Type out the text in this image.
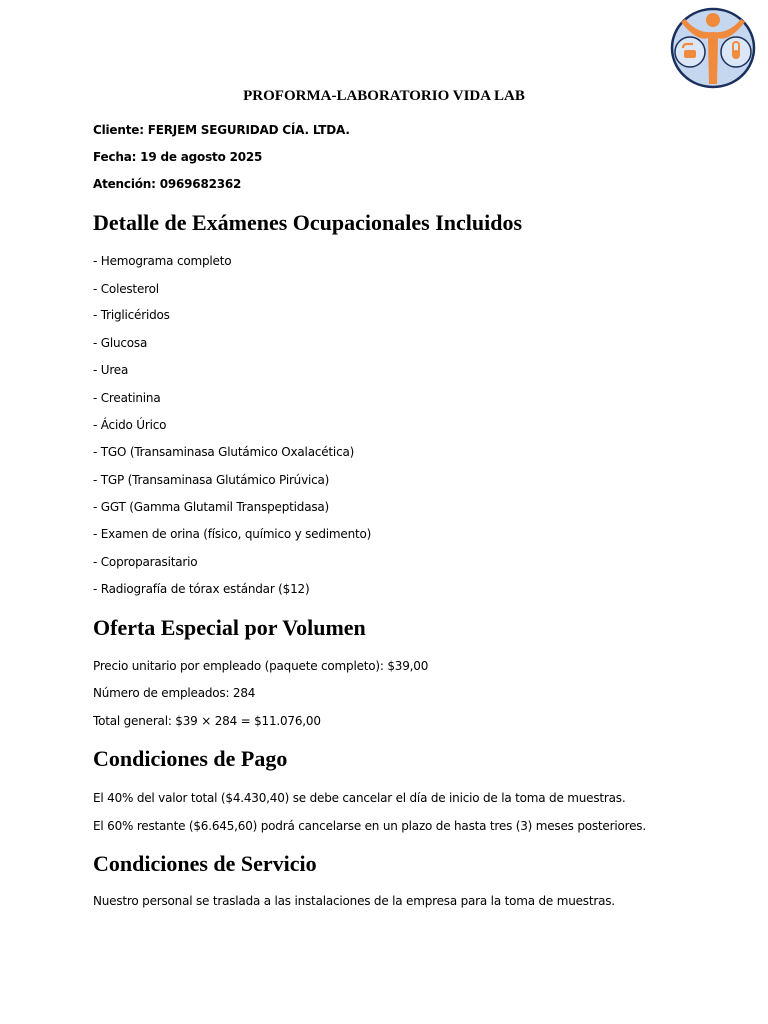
PROFORMA-LABORATORIO VIDA LAB
Cliente: FERJEM SEGURIDAD CÍA. LTDA.
Fecha: 19 de agosto 2025
Atención: 0969682362
Detalle de Exámenes Ocupacionales Incluidos
- Hemograma completo
- Colesterol
- Triglicéridos
- Glucosa
- Urea
- Creatinina
- Ácido Úrico
- TGO (Transaminasa Glutámico Oxalacética)
- TGP (Transaminasa Glutámico Pirúvica)
- GGT (Gamma Glutamil Transpeptidasa)
- Examen de orina (físico, químico y sedimento)
- Coproparasitario
- Radiografía de tórax estándar ($12)
Oferta Especial por Volumen
Precio unitario por empleado (paquete completo): $39,00
Número de empleados: 284
Total general: $39 × 284 = $11.076,00
Condiciones de Pago
El 40% del valor total ($4.430,40) se debe cancelar el día de inicio de la toma de muestras.
El 60% restante ($6.645,60) podrá cancelarse en un plazo de hasta tres (3) meses posteriores.
Condiciones de Servicio
Nuestro personal se traslada a las instalaciones de la empresa para la toma de muestras.
